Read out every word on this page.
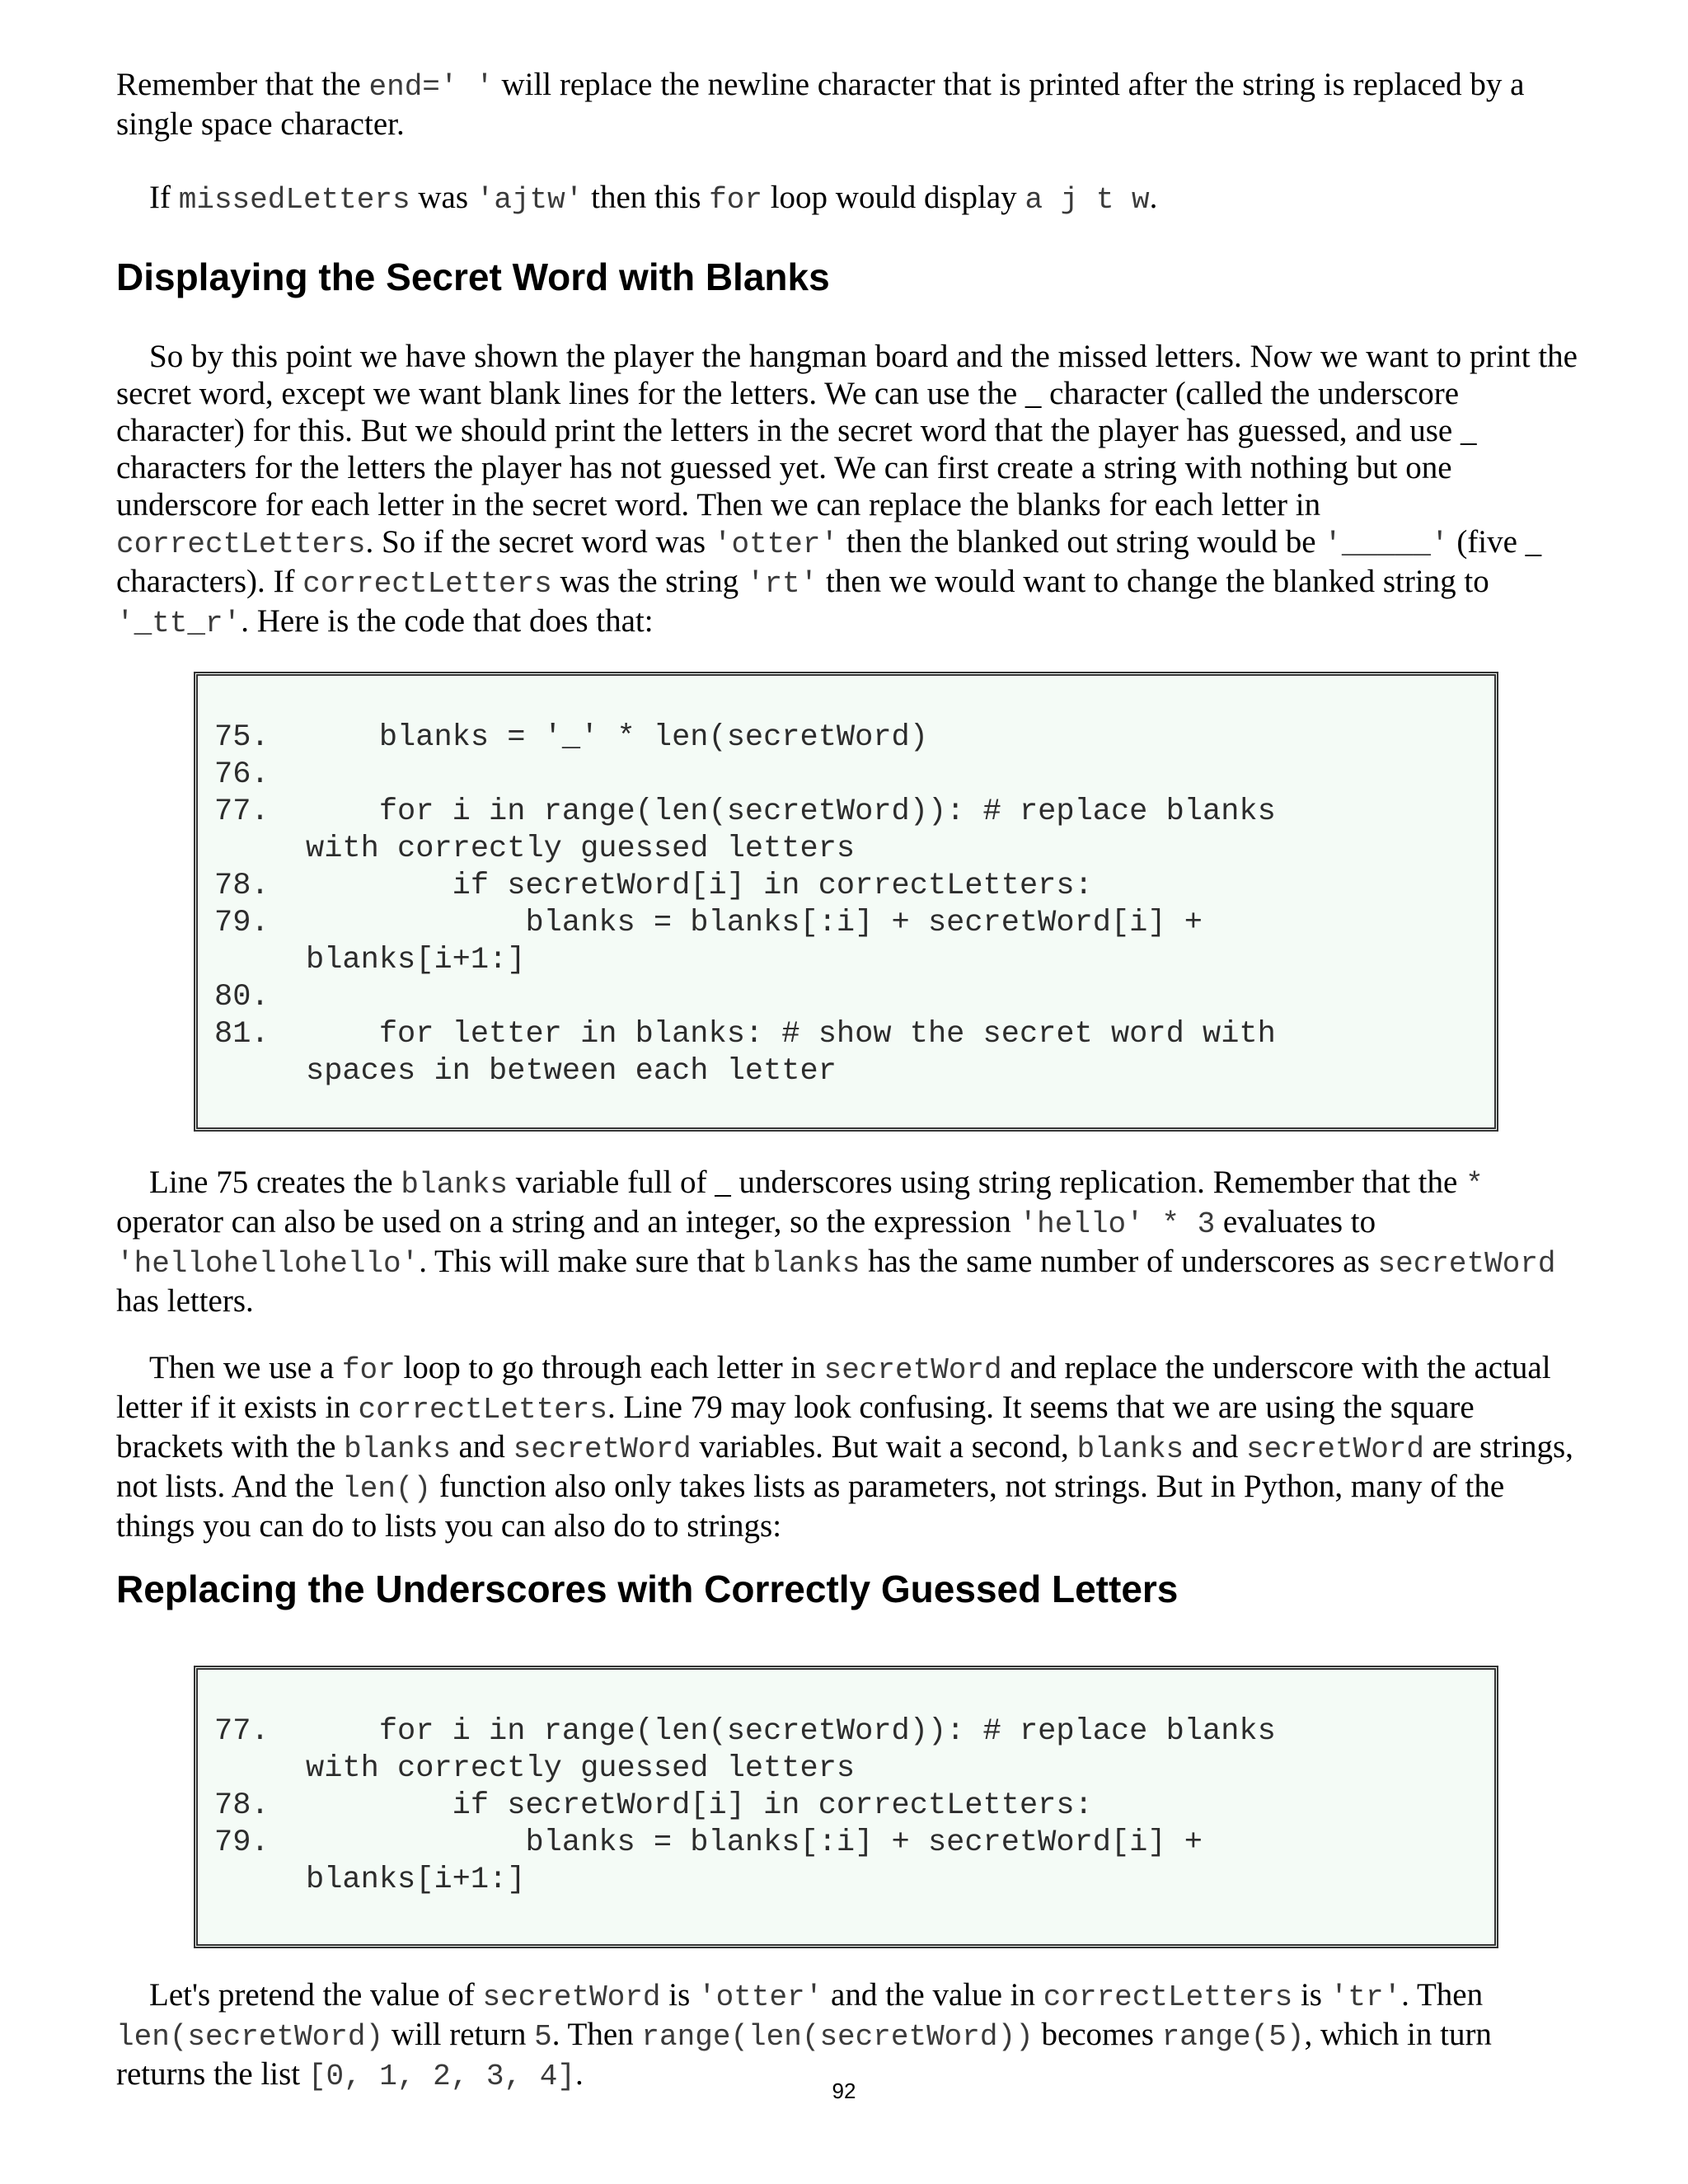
Remember that the end=' ' will replace the newline character that is printed after the string is replaced by a single space character.

If missedLetters was 'ajtw' then this for loop would display a j t w.

Displaying the Secret Word with Blanks

So by this point we have shown the player the hangman board and the missed letters. Now we want to print the secret word, except we want blank lines for the letters. We can use the _ character (called the underscore character) for this. But we should print the letters in the secret word that the player has guessed, and use _ characters for the letters the player has not guessed yet. We can first create a string with nothing but one underscore for each letter in the secret word. Then we can replace the blanks for each letter in correctLetters. So if the secret word was 'otter' then the blanked out string would be '_____' (five _ characters). If correctLetters was the string 'rt' then we would want to change the blanked string to '_tt_r'. Here is the code that does that:

75.      blanks = '_' * len(secretWord)
76.
77.      for i in range(len(secretWord)): # replace blanks
with correctly guessed letters
78.          if secretWord[i] in correctLetters:
79.              blanks = blanks[:i] + secretWord[i] +
blanks[i+1:]
80.
81.      for letter in blanks: # show the secret word with
spaces in between each letter

Line 75 creates the blanks variable full of _ underscores using string replication. Remember that the * operator can also be used on a string and an integer, so the expression 'hello' * 3 evaluates to 'hellohellohello'. This will make sure that blanks has the same number of underscores as secretWord has letters.

Then we use a for loop to go through each letter in secretWord and replace the underscore with the actual letter if it exists in correctLetters. Line 79 may look confusing. It seems that we are using the square brackets with the blanks and secretWord variables. But wait a second, blanks and secretWord are strings, not lists. And the len() function also only takes lists as parameters, not strings. But in Python, many of the things you can do to lists you can also do to strings:

Replacing the Underscores with Correctly Guessed Letters
77.      for i in range(len(secretWord)): # replace blanks
with correctly guessed letters
78.          if secretWord[i] in correctLetters:
79.              blanks = blanks[:i] + secretWord[i] +
blanks[i+1:]

Let's pretend the value of secretWord is 'otter' and the value in correctLetters is 'tr'. Then len(secretWord) will return 5. Then range(len(secretWord)) becomes range(5), which in turn returns the list [0, 1, 2, 3, 4].	92
